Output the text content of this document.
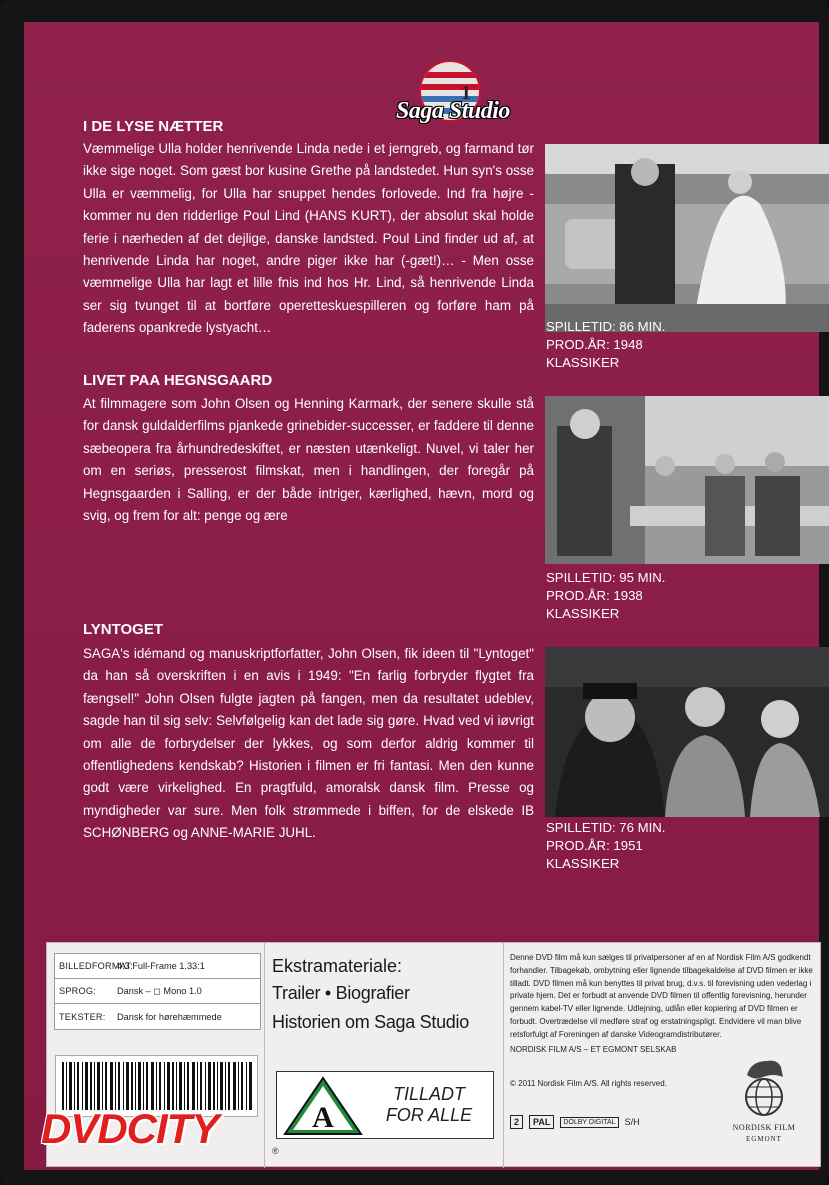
1
Saga Studio
I DE LYSE NÆTTER
Væmmelige Ulla holder henrivende Linda nede i et jerngreb, og farmand tør ikke sige noget. Som gæst bor kusine Grethe på landstedet. Hun syn's osse Ulla er væmmelig, for Ulla har snuppet hendes forlovede. Ind fra højre - kommer nu den ridderlige Poul Lind (HANS KURT), der absolut skal holde ferie i nærheden af det dejlige, danske landsted. Poul Lind finder ud af, at henrivende Linda har noget, andre piger ikke har (-gæt!)… - Men osse væmmelige Ulla har lagt et lille fnis ind hos Hr. Lind, så henrivende Linda ser sig tvunget til at bortføre operetteskuespilleren og forføre ham på faderens opankrede lystyacht…	SPILLETID: 86 MIN.
PROD.ÅR: 1948
KLASSIKER
LIVET PAA HEGNSGAARD
At filmmagere som John Olsen og Henning Karmark, der senere skulle stå for dansk guldalderfilms pjankede grinebider-successer, er faddere til denne sæbeopera fra århundredeskiftet, er næsten utænkeligt. Nuvel, vi taler her om en seriøs, presserost filmskat, men i handlingen, der foregår på Hegnsgaarden i Salling, er der både intriger, kærlighed, hævn, mord og svig, og frem for alt: penge og ære
SPILLETID: 95 MIN.
PROD.ÅR: 1938
KLASSIKER
LYNTOGET
SAGA's idémand og manuskriptforfatter, John Olsen, fik ideen til "Lyntoget" da han så overskriften i en avis i 1949: "En farlig forbryder flygtet fra fængsel!" John Olsen fulgte jagten på fangen, men da resultatet udeblev, sagde han til sig selv: Selvfølgelig kan det lade sig gøre. Hvad ved vi iøvrigt om alle de forbrydelser der lykkes, og som derfor aldrig kommer til offentlighedens kendskab? Historien i filmen er fri fantasi. Men den kunne godt være virkelighed. En pragtfuld, amoralsk dansk film. Presse og myndigheder var sure. Men folk strømmede i biffen, for de elskede IB SCHØNBERG og ANNE-MARIE JUHL.	SPILLETID: 76 MIN.
PROD.ÅR: 1951
KLASSIKER
BILLEDFORMAT:
4:3 Full-Frame 1.33:1
SPROG:	Dansk – ◻ Mono 1.0
TEKSTER:	Dansk for hørehæmmede
DVDCITY	®
Ekstramateriale:
Trailer • Biografier
Historien om Saga Studio
A
TILLADT
FOR ALLE
Denne DVD film må kun sælges til privatpersoner af en af Nordisk Film A/S godkendt forhandler. Tilbagekøb, ombytning eller lignende tilbagekaldelse af DVD filmen er ikke tilladt. DVD filmen må kun benyttes til privat brug, d.v.s. til forevisning uden vederlag i private hjem. Det er forbudt at anvende DVD filmen til offentlig forevisning, herunder gennem kabel-TV eller lignende. Udlejning, udlån eller kopiering af DVD filmen er forbudt. Overtrædelse vil medføre straf og erstatningspligt. Endvidere vil man blive retsforfulgt af Foreningen af danske Videogramdistributører.
NORDISK FILM A/S – ET EGMONT SELSKAB
© 2011 Nordisk Film A/S. All rights reserved.
2	PAL	DOLBY DIGITAL	S/H
NORDISK FILM
EGMONT
